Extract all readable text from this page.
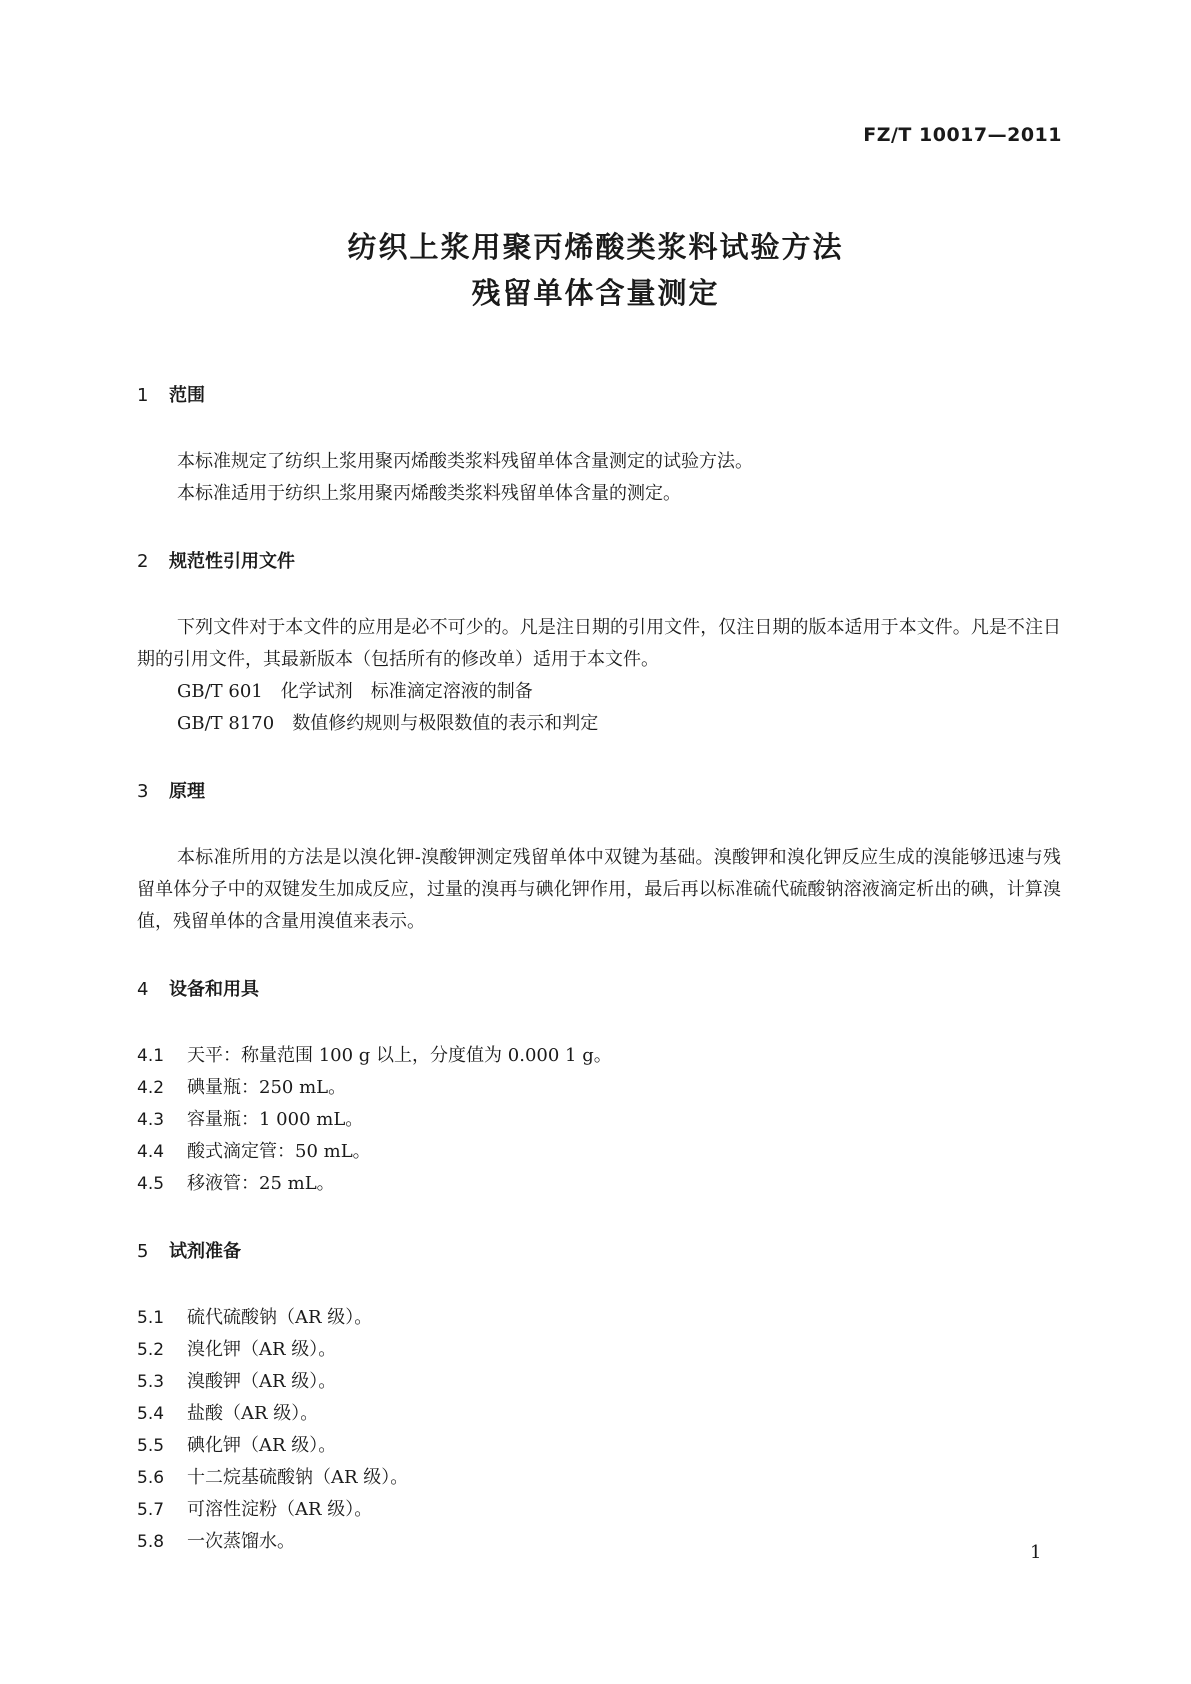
FZ/T 10017—2011
纺织上浆用聚丙烯酸类浆料试验方法
残留单体含量测定
1 范围

本标准规定了纺织上浆用聚丙烯酸类浆料残留单体含量测定的试验方法。

本标准适用于纺织上浆用聚丙烯酸类浆料残留单体含量的测定。

2 规范性引用文件

下列文件对于本文件的应用是必不可少的。凡是注日期的引用文件，仅注日期的版本适用于本文件。凡是不注日期的引用文件，其最新版本（包括所有的修改单）适用于本文件。

GB/T 601 化学试剂　标准滴定溶液的制备
GB/T 8170 数值修约规则与极限数值的表示和判定
3 原理

本标准所用的方法是以溴化钾-溴酸钾测定残留单体中双键为基础。溴酸钾和溴化钾反应生成的溴能够迅速与残留单体分子中的双键发生加成反应，过量的溴再与碘化钾作用，最后再以标准硫代硫酸钠溶液滴定析出的碘，计算溴值，残留单体的含量用溴值来表示。

4 设备和用具
4.1 天平：称量范围 100 g 以上，分度值为 0.000 1 g。
4.2 碘量瓶：250 mL。
4.3 容量瓶：1 000 mL。
4.4 酸式滴定管：50 mL。
4.5 移液管：25 mL。
5 试剂准备
5.1 硫代硫酸钠（AR 级）。
5.2 溴化钾（AR 级）。
5.3 溴酸钾（AR 级）。
5.4 盐酸（AR 级）。
5.5 碘化钾（AR 级）。
5.6 十二烷基硫酸钠（AR 级）。
5.7 可溶性淀粉（AR 级）。
5.8 一次蒸馏水。
1
